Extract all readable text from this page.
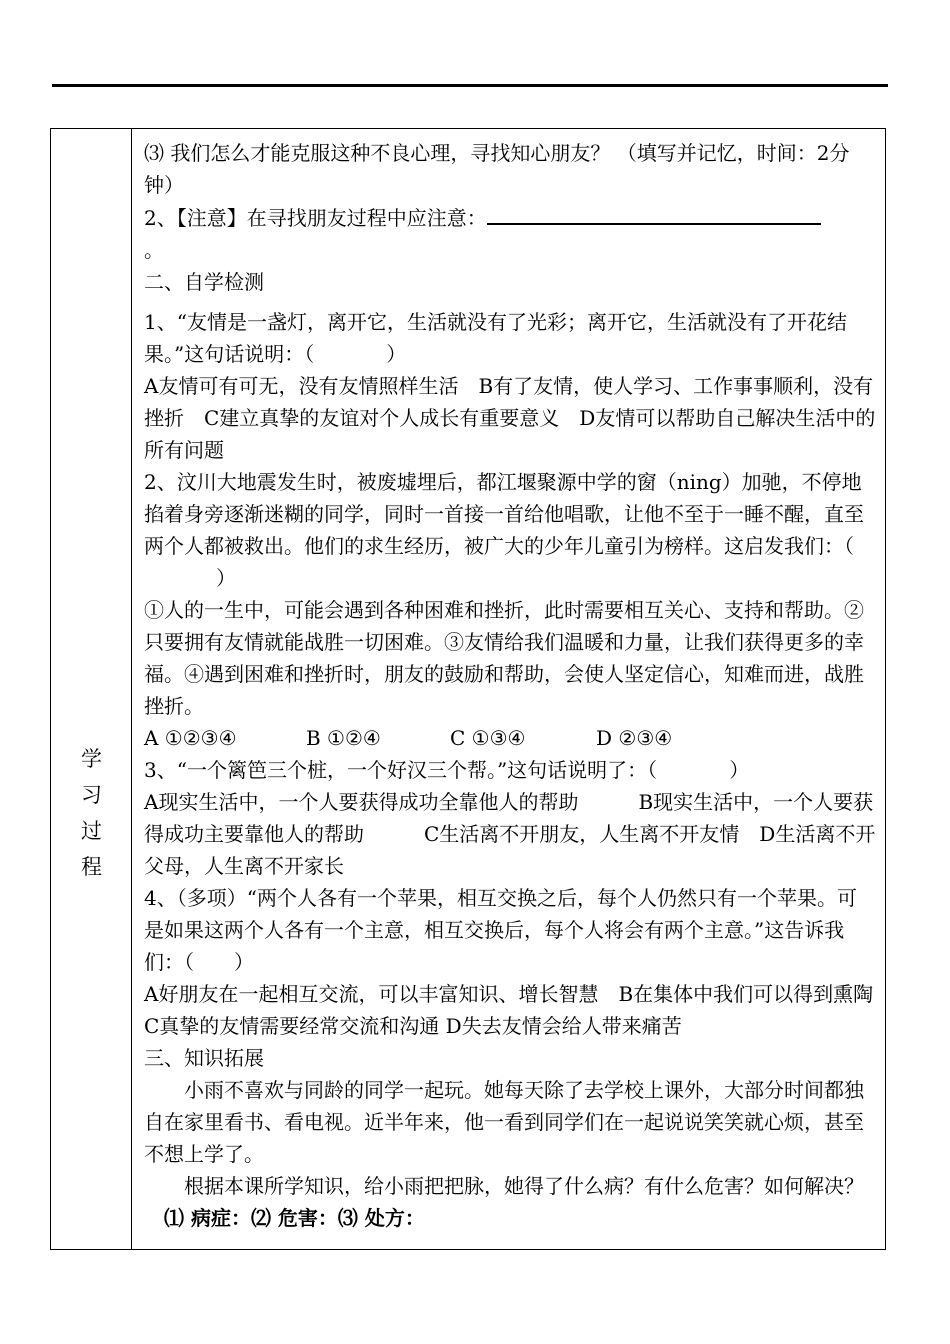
学
习
过
程

⑶ 我们怎么才能克服这种不良心理，寻找知心朋友？ （填写并记忆，时间：2分钟）

2、【注意】在寻找朋友过程中应注意：

。

二、自学检测

1、“友情是一盏灯，离开它，生活就没有了光彩；离开它，生活就没有了开花结果。”这句话说明：（	）

A友情可有可无，没有友情照样生活　B有了友情，使人学习、工作事事顺利，没有挫折　C建立真挚的友谊对个人成长有重要意义　D友情可以帮助自己解决生活中的所有问题

2、汶川大地震发生时，被废墟埋后，都江堰聚源中学的窗（ning）加驰，不停地掐着身旁逐渐迷糊的同学，同时一首接一首给他唱歌，让他不至于一睡不醒，直至两个人都被救出。他们的求生经历，被广大的少年儿童引为榜样。这启发我们：（）

①人的一生中，可能会遇到各种困难和挫折，此时需要相互关心、支持和帮助。②只要拥有友情就能战胜一切困难。③友情给我们温暖和力量，让我们获得更多的幸福。④遇到困难和挫折时，朋友的鼓励和帮助，会使人坚定信心，知难而进，战胜挫折。

A ①②③④	B ①②④	C ①③④	D ②③④

3、“一个篱笆三个桩，一个好汉三个帮。”这句话说明了：（	）

A现实生活中，一个人要获得成功全靠他人的帮助　　　B现实生活中，一个人要获得成功主要靠他人的帮助　　　C生活离不开朋友，人生离不开友情　D生活离不开父母，人生离不开家长

4、（多项）“两个人各有一个苹果，相互交换之后，每个人仍然只有一个苹果。可是如果这两个人各有一个主意，相互交换后，每个人将会有两个主意。”这告诉我们：（ ）

A好朋友在一起相互交流，可以丰富知识、增长智慧　B在集体中我们可以得到熏陶　C真挚的友情需要经常交流和沟通 D失去友情会给人带来痛苦

三、知识拓展

小雨不喜欢与同龄的同学一起玩。她每天除了去学校上课外，大部分时间都独自在家里看书、看电视。近半年来，他一看到同学们在一起说说笑笑就心烦，甚至不想上学了。

根据本课所学知识，给小雨把把脉，她得了什么病？有什么危害？如何解决？

⑴ 病症：⑵ 危害：⑶ 处方：
